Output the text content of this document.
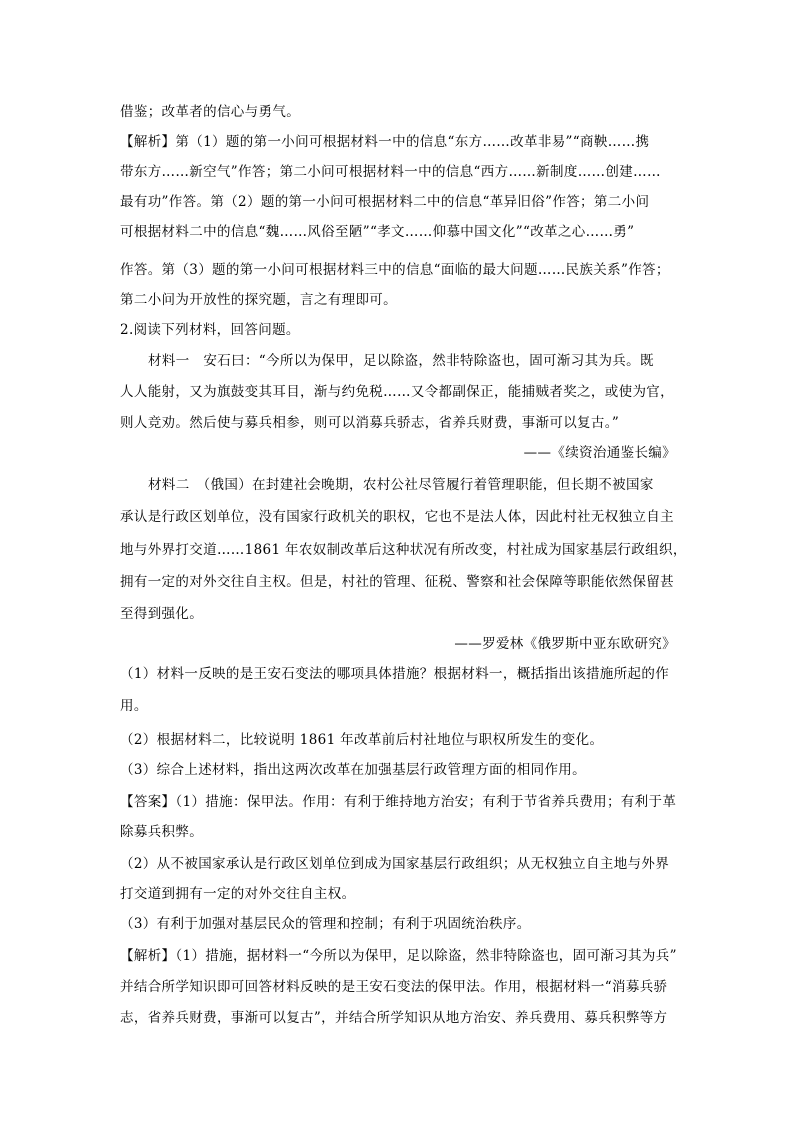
借鉴；改革者的信心与勇气。
【解析】第（1）题的第一小问可根据材料一中的信息“东方……改革非易”“商鞅……携
带东方……新空气”作答；第二小问可根据材料一中的信息“西方……新制度……创建……
最有功”作答。第（2）题的第一小问可根据材料二中的信息“革异旧俗”作答；第二小问
可根据材料二中的信息“魏……风俗至陋”“孝文……仰慕中国文化”“改革之心……勇”
作答。第（3）题的第一小问可根据材料三中的信息“面临的最大问题……民族关系”作答；
第二小问为开放性的探究题，言之有理即可。
2.阅读下列材料，回答问题。
材料一　安石曰：“今所以为保甲，足以除盗，然非特除盗也，固可渐习其为兵。既
人人能射，又为旗鼓变其耳目，渐与约免税……又令都副保正，能捕贼者奖之，或使为官，
则人竞劝。然后使与募兵相参，则可以消募兵骄志，省养兵财费，事渐可以复古。”
——《续资治通鉴长编》
材料二　（俄国）在封建社会晚期，农村公社尽管履行着管理职能，但长期不被国家
承认是行政区划单位，没有国家行政机关的职权，它也不是法人体，因此村社无权独立自主
地与外界打交道……1861 年农奴制改革后这种状况有所改变，村社成为国家基层行政组织，
拥有一定的对外交往自主权。但是，村社的管理、征税、警察和社会保障等职能依然保留甚
至得到强化。
——罗爱林《俄罗斯中亚东欧研究》
（1）材料一反映的是王安石变法的哪项具体措施？根据材料一，概括指出该措施所起的作
用。
（2）根据材料二，比较说明 1861 年改革前后村社地位与职权所发生的变化。
（3）综合上述材料，指出这两次改革在加强基层行政管理方面的相同作用。
【答案】（1）措施：保甲法。作用：有利于维持地方治安；有利于节省养兵费用；有利于革
除募兵积弊。
（2）从不被国家承认是行政区划单位到成为国家基层行政组织；从无权独立自主地与外界
打交道到拥有一定的对外交往自主权。
（3）有利于加强对基层民众的管理和控制；有利于巩固统治秩序。
【解析】（1）措施，据材料一“今所以为保甲，足以除盗，然非特除盗也，固可渐习其为兵”
并结合所学知识即可回答材料反映的是王安石变法的保甲法。作用，根据材料一“消募兵骄
志，省养兵财费，事渐可以复古”，并结合所学知识从地方治安、养兵费用、募兵积弊等方
